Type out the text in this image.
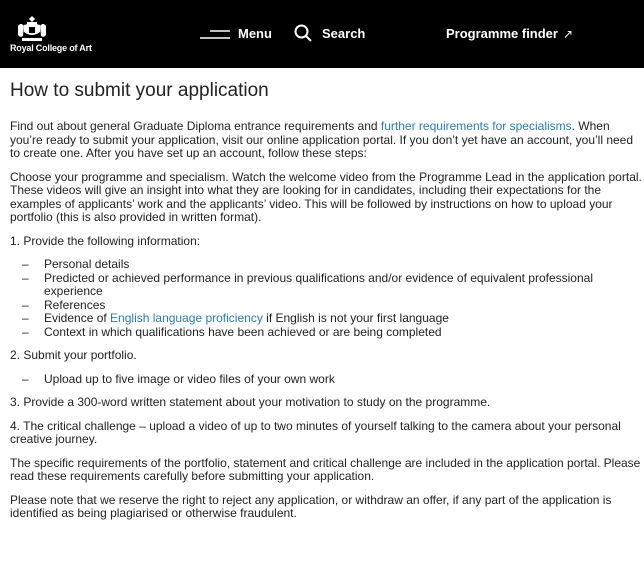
Royal College of Art
Menu	Search	Programme finder ↗
How to submit your application

Find out about general Graduate Diploma entrance requirements and further requirements for specialisms. When you’re ready to submit your application, visit our online application portal. If you don’t yet have an account, you’ll need to create one. After you have set up an account, follow these steps:

Choose your programme and specialism. Watch the welcome video from the Programme Lead in the application portal. These videos will give an insight into what they are looking for in candidates, including their expectations for the examples of applicants’ work and the applicants’ video. This will be followed by instructions on how to upload your portfolio (this is also provided in written format).

1. Provide the following information:

– Personal details
– Predicted or achieved performance in previous qualifications and/or evidence of equivalent professional experience
– References
– Evidence of English language proficiency if English is not your first language
– Context in which qualifications have been achieved or are being completed

2. Submit your portfolio.

– Upload up to five image or video files of your own work

3. Provide a 300-word written statement about your motivation to study on the programme.

4. The critical challenge – upload a video of up to two minutes of yourself talking to the camera about your personal creative journey.

The specific requirements of the portfolio, statement and critical challenge are included in the application portal. Please read these requirements carefully before submitting your application.

Please note that we reserve the right to reject any application, or withdraw an offer, if any part of the application is identified as being plagiarised or otherwise fraudulent.
